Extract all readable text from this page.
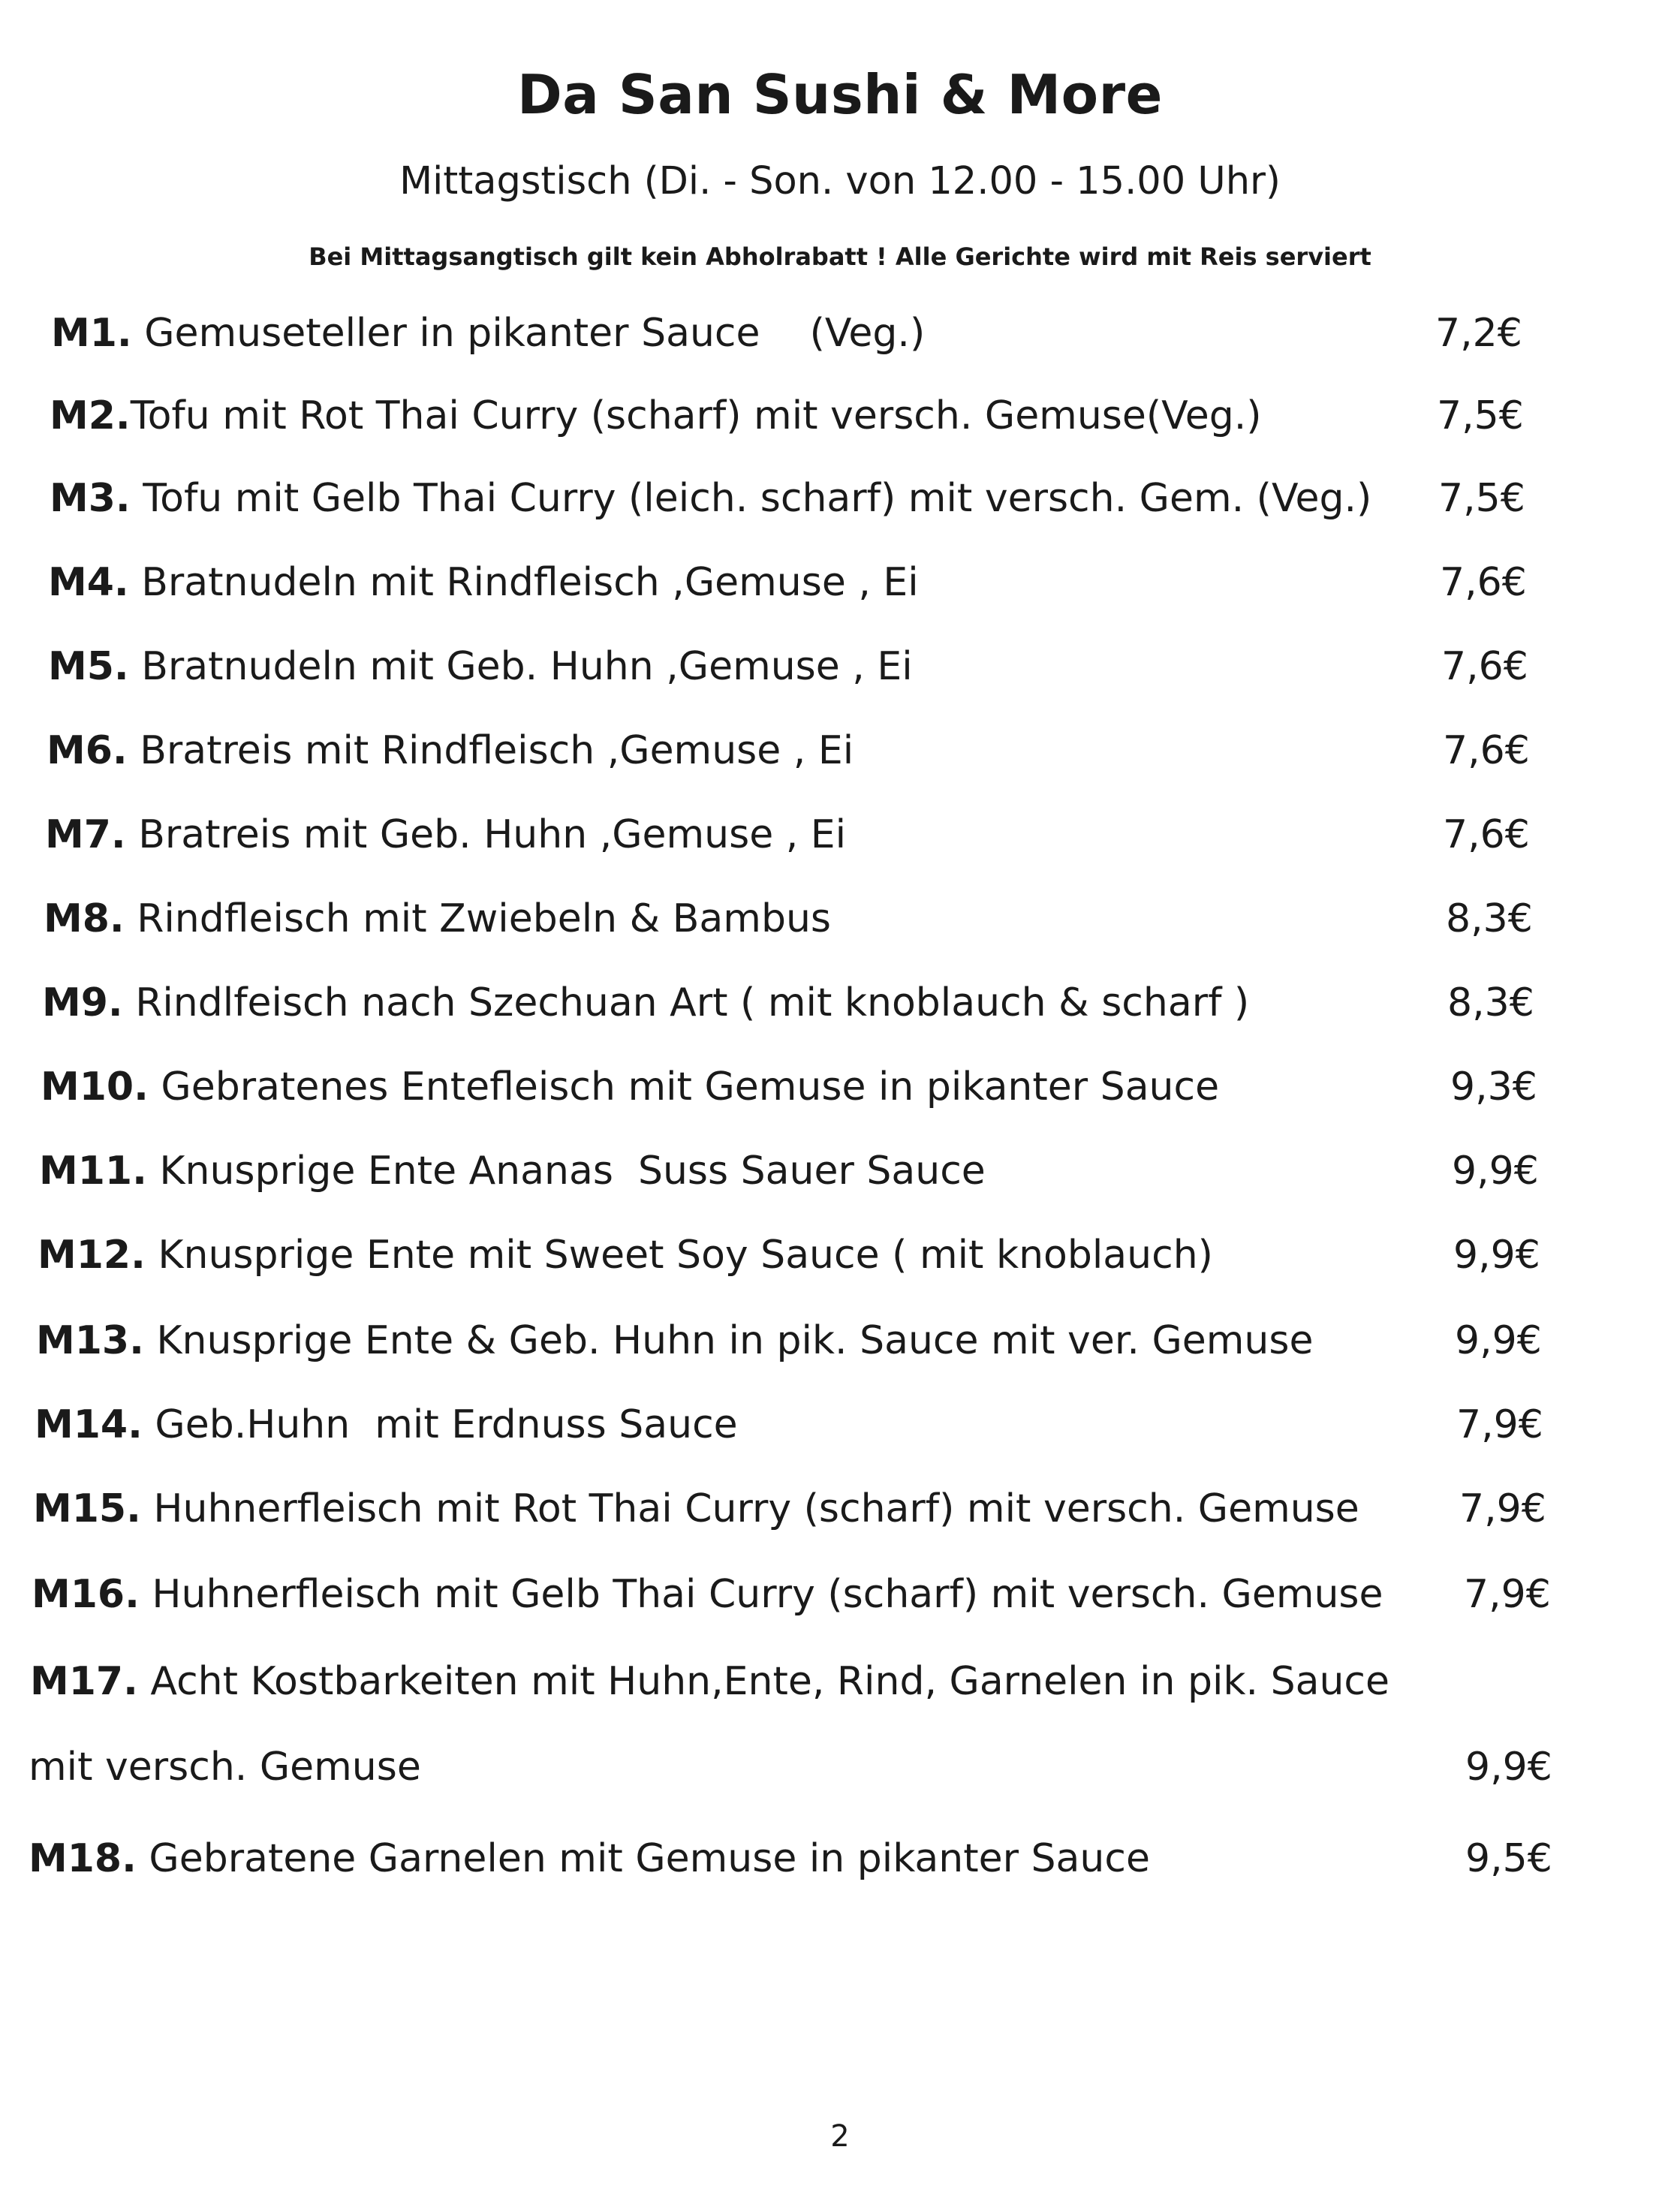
Da San Sushi & More
Mittagstisch (Di. - Son. von 12.00 - 15.00 Uhr)
Bei Mittagsangtisch gilt kein Abholrabatt ! Alle Gerichte wird mit Reis serviert
M1. Gemuseteller in pikanter Sauce    (Veg.)	7,2€
M2.Tofu mit Rot Thai Curry (scharf) mit versch. Gemuse(Veg.)	7,5€
M3. Tofu mit Gelb Thai Curry (leich. scharf) mit versch. Gem. (Veg.) 7,5€
M4. Bratnudeln mit Rindfleisch ,Gemuse , Ei	7,6€
M5. Bratnudeln mit Geb. Huhn ,Gemuse , Ei	7,6€
M6. Bratreis mit Rindfleisch ,Gemuse , Ei	7,6€
M7. Bratreis mit Geb. Huhn ,Gemuse , Ei	7,6€
M8. Rindfleisch mit Zwiebeln & Bambus	8,3€
M9. Rindlfeisch nach Szechuan Art ( mit knoblauch & scharf )	8,3€
M10. Gebratenes Entefleisch mit Gemuse in pikanter Sauce	9,3€
M11. Knusprige Ente Ananas  Suss Sauer Sauce	9,9€
M12. Knusprige Ente mit Sweet Soy Sauce ( mit knoblauch)	9,9€
M13. Knusprige Ente & Geb. Huhn in pik. Sauce mit ver. Gemuse	9,9€
M14. Geb.Huhn  mit Erdnuss Sauce	7,9€
M15. Huhnerfleisch mit Rot Thai Curry (scharf) mit versch. Gemuse	7,9€
M16. Huhnerfleisch mit Gelb Thai Curry (scharf) mit versch. Gemuse 7,9€
M17. Acht Kostbarkeiten mit Huhn,Ente, Rind, Garnelen in pik. Sauce
mit versch. Gemuse	9,9€
M18. Gebratene Garnelen mit Gemuse in pikanter Sauce	9,5€
2
